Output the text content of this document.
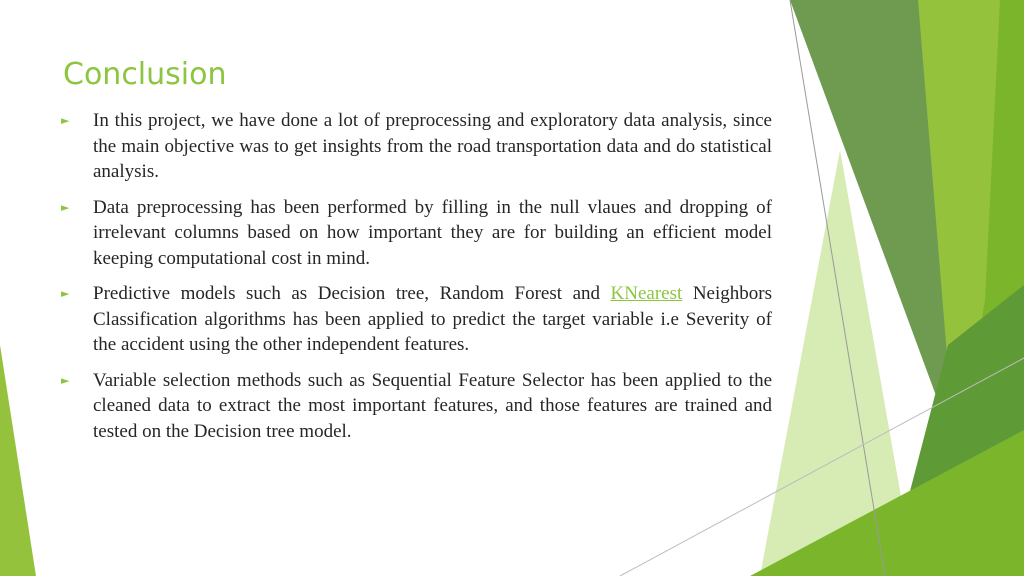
Conclusion
► In this project, we have done a lot of preprocessing and exploratory data analysis, since the main objective was to get insights from the road transportation data and do statistical analysis.
► Data preprocessing has been performed by filling in the null vlaues and dropping of irrelevant columns based on how important they are for building an efficient model keeping computational cost in mind.
► Predictive models such as Decision tree, Random Forest and KNearest Neighbors Classification algorithms has been applied to predict the target variable i.e Severity of the accident using the other independent features.
► Variable selection methods such as Sequential Feature Selector has been applied to the cleaned data to extract the most important features, and those features are trained and tested on the Decision tree model.
